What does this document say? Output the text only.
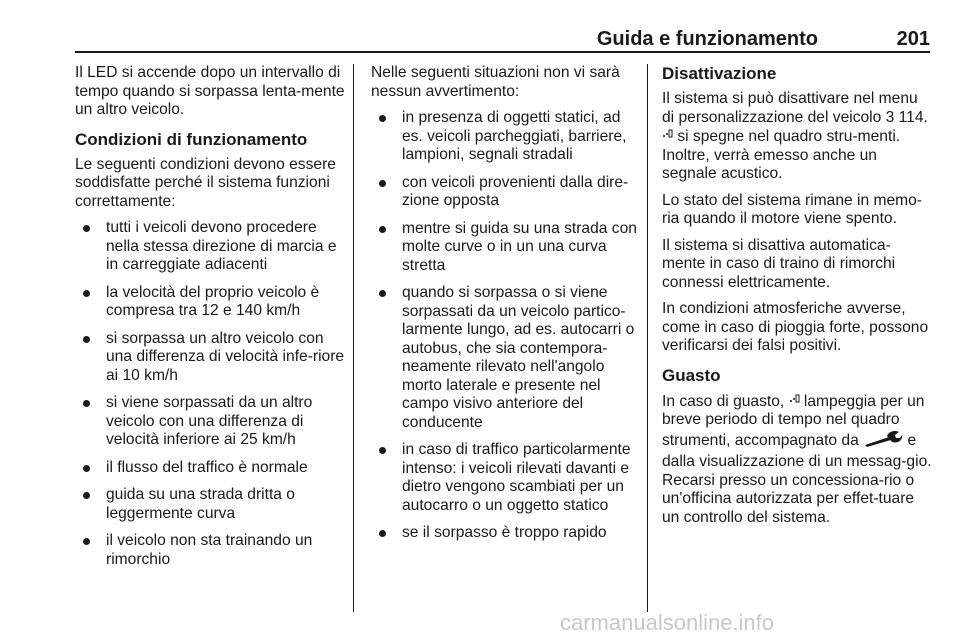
Guida e funzionamento	201

Il LED si accende dopo un intervallo di tempo quando si sorpassa lenta-mente un altro veicolo.

Condizioni di funzionamento

Le seguenti condizioni devono essere soddisfatte perché il sistema funzioni correttamente:

tutti i veicoli devono procedere nella stessa direzione di marcia e in carreggiate adiacenti
la velocità del proprio veicolo è compresa tra 12 e 140 km/h
si sorpassa un altro veicolo con una differenza di velocità infe-riore ai 10 km/h
si viene sorpassati da un altro veicolo con una differenza di velocità inferiore ai 25 km/h
il flusso del traffico è normale
guida su una strada dritta o leggermente curva
il veicolo non sta trainando un rimorchio

Nelle seguenti situazioni non vi sarà nessun avvertimento:

in presenza di oggetti statici, ad es. veicoli parcheggiati, barriere, lampioni, segnali stradali
con veicoli provenienti dalla dire-zione opposta
mentre si guida su una strada con molte curve o in un una curva stretta
quando si sorpassa o si viene sorpassati da un veicolo partico-larmente lungo, ad es. autocarri o autobus, che sia contempora-neamente rilevato nell'angolo morto laterale e presente nel campo visivo anteriore del conducente
in caso di traffico particolarmente intenso: i veicoli rilevati davanti e dietro vengono scambiati per un autocarro o un oggetto statico
se il sorpasso è troppo rapido
Disattivazione

Il sistema si può disattivare nel menu di personalizzazione del veicolo 3 114.  si spegne nel quadro stru-menti. Inoltre, verrà emesso anche un segnale acustico.

Lo stato del sistema rimane in memo-ria quando il motore viene spento.

Il sistema si disattiva automatica-mente in caso di traino di rimorchi connessi elettricamente.

In condizioni atmosferiche avverse, come in caso di pioggia forte, possono verificarsi dei falsi positivi.

Guasto

In caso di guasto, lampeggia per un breve periodo di tempo nel quadro strumenti, accompagnato da	e dalla visualizzazione di un messag-gio. Recarsi presso un concessiona-rio o un'officina autorizzata per effet-tuare un controllo del sistema.

carmanualsonline.info
